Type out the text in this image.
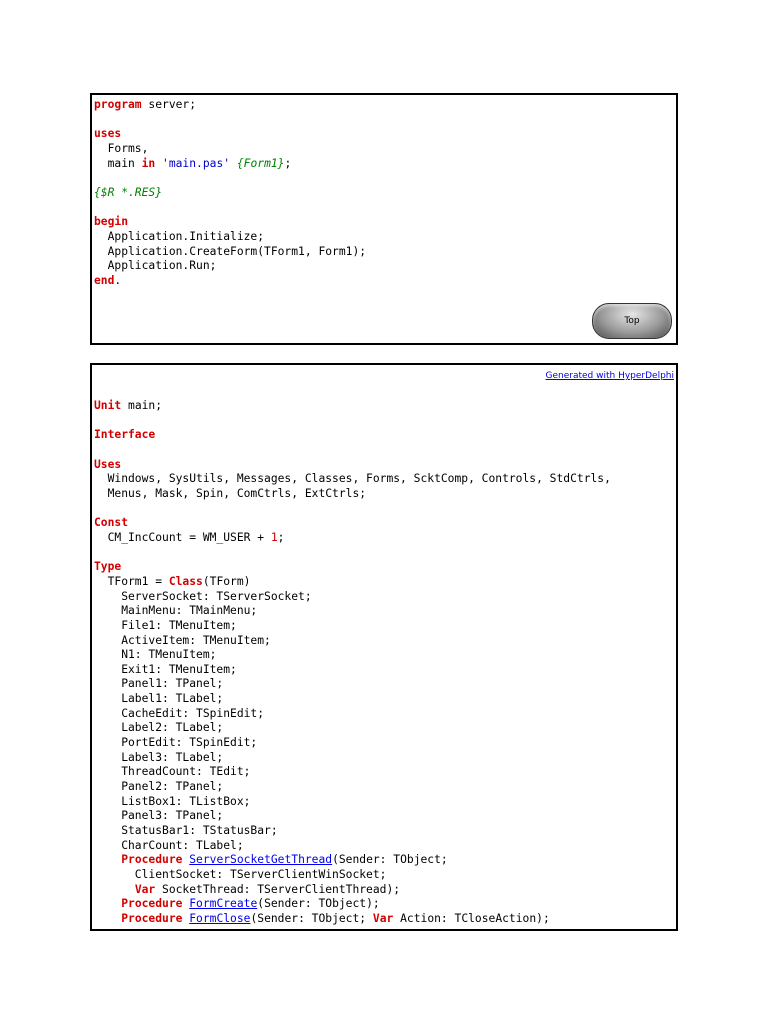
program server;

uses
Forms,
main in 'main.pas' {Form1};

{$R *.RES}

begin
Application.Initialize;
Application.CreateForm(TForm1, Form1);
Application.Run;
end.
Top
Generated with HyperDelphi
Unit main;

Interface

Uses
Windows, SysUtils, Messages, Classes, Forms, ScktComp, Controls, StdCtrls,
Menus, Mask, Spin, ComCtrls, ExtCtrls;

Const
CM_IncCount = WM_USER + 1;

Type
TForm1 = Class(TForm)
ServerSocket: TServerSocket;
MainMenu: TMainMenu;
File1: TMenuItem;
ActiveItem: TMenuItem;
N1: TMenuItem;
Exit1: TMenuItem;
Panel1: TPanel;
Label1: TLabel;
CacheEdit: TSpinEdit;
Label2: TLabel;
PortEdit: TSpinEdit;
Label3: TLabel;
ThreadCount: TEdit;
Panel2: TPanel;
ListBox1: TListBox;
Panel3: TPanel;
StatusBar1: TStatusBar;
CharCount: TLabel;
Procedure ServerSocketGetThread(Sender: TObject;
ClientSocket: TServerClientWinSocket;
Var SocketThread: TServerClientThread);
Procedure FormCreate(Sender: TObject);
Procedure FormClose(Sender: TObject; Var Action: TCloseAction);
